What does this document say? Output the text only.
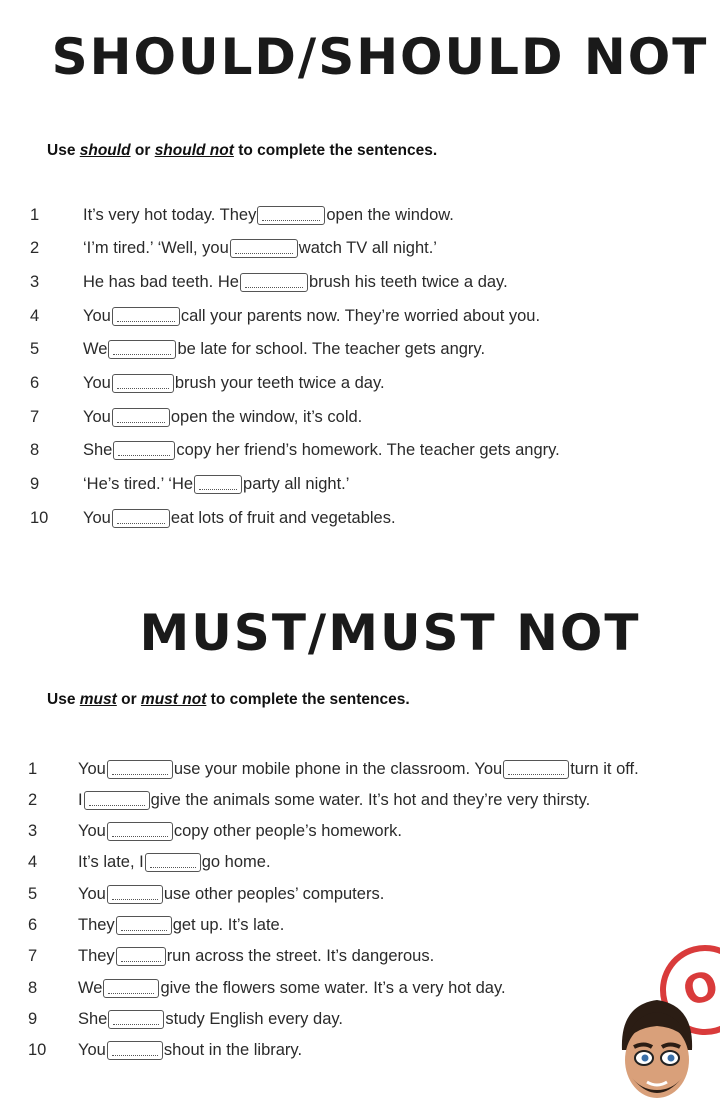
SHOULD/SHOULD NOT
Use should or should not to complete the sentences.
1	It’s very hot today. They	open the window.
2	‘I’m tired.’ ‘Well, you	watch TV all night.’
3	He has bad teeth. He	brush his teeth twice a day.
4	You	call your parents now. They’re worried about you.
5	We	be late for school. The teacher gets angry.
6	You	brush your teeth twice a day.
7	You	open the window, it’s cold.
8	She	copy her friend’s homework. The teacher gets angry.
9	‘He’s tired.’ ‘He	party all night.’
10	You	eat lots of fruit and vegetables.
MUST/MUST NOT
Use must or must not to complete the sentences.
1	You	use your mobile phone in the classroom. You	turn it off.
2	I	give the animals some water. It’s hot and they’re very thirsty.
3	You	copy other people’s homework.
4	It’s late, I	go home.
5	You	use other peoples’ computers.
6	They	get up. It’s late.
7	They	run across the street. It’s dangerous.
8	We	give the flowers some water. It’s a very hot day.
9	She	study English every day.
10	You	shout in the library.
O
